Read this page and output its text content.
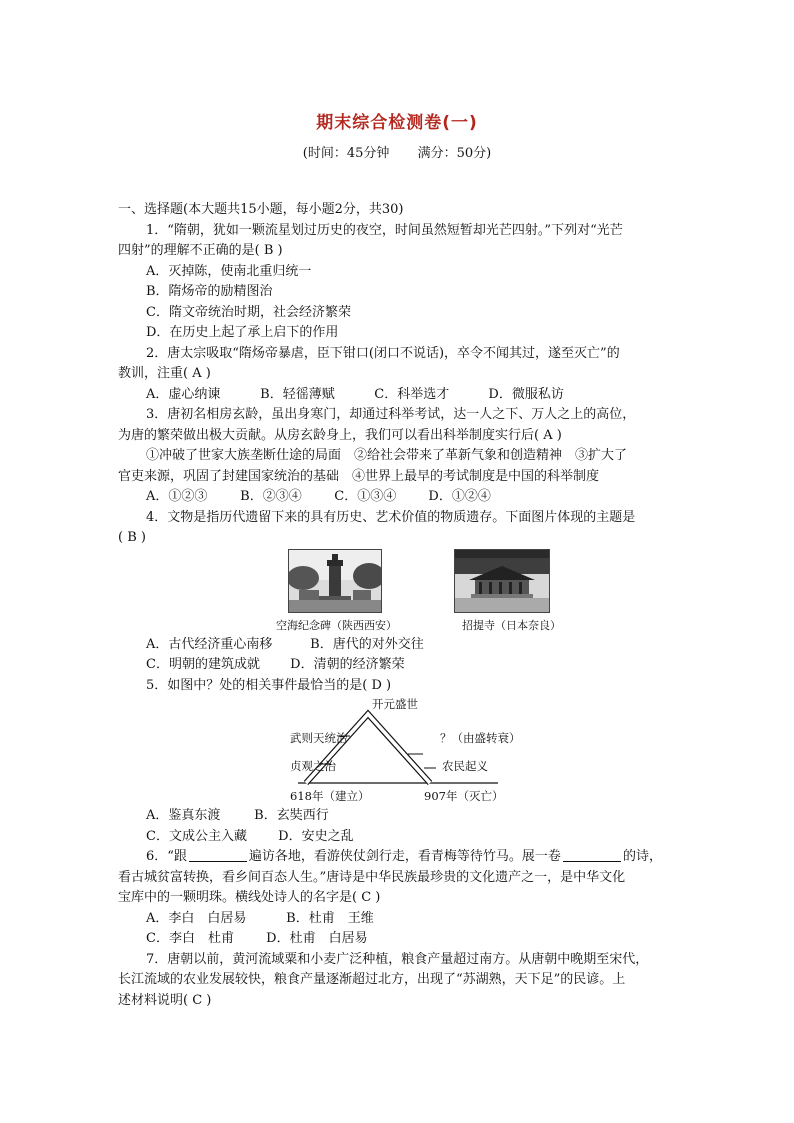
期末综合检测卷(一)
(时间：45分钟 满分：50分)
一、选择题(本大题共15小题，每小题2分，共30)
1．“隋朝，犹如一颗流星划过历史的夜空，时间虽然短暂却光芒四射。”下列对“光芒
四射”的理解不正确的是( B )
A．灭掉陈，使南北重归统一
B．隋炀帝的励精图治
C．隋文帝统治时期，社会经济繁荣
D．在历史上起了承上启下的作用
2．唐太宗吸取“隋炀帝暴虐，臣下钳口(闭口不说话)，卒令不闻其过，遂至灭亡”的
教训，注重( A )
A．虚心纳谏	B．轻徭薄赋	C．科举选才	D．微服私访
3．唐初名相房玄龄，虽出身寒门，却通过科举考试，达一人之下、万人之上的高位，
为唐的繁荣做出极大贡献。从房玄龄身上，我们可以看出科举制度实行后( A )
①冲破了世家大族垄断仕途的局面　②给社会带来了革新气象和创造精神　③扩大了
官吏来源，巩固了封建国家统治的基础　④世界上最早的考试制度是中国的科举制度
A．①②③	B．②③④	C．①③④ D．①②④
4．文物是指历代遗留下来的具有历史、艺术价值的物质遗存。下面图片体现的主题是
( B )
空海纪念碑（陕西西安）	招提寺（日本奈良）
A．古代经济重心南移	B．唐代的对外交往
C．明朝的建筑成就 D．清朝的经济繁荣
5．如图中？处的相关事件最恰当的是( D )
开元盛世
武则天统治
贞观之治
？（由盛转衰）
农民起义
618年（建立）	907年（灭亡）
A．鉴真东渡	B．玄奘西行
C．文成公主入藏 D．安史之乱
6．“跟	遍访各地，看游侠仗剑行走，看青梅等待竹马。展一卷	的诗，
看古城贫富转换，看乡间百态人生。”唐诗是中华民族最珍贵的文化遗产之一，是中华文化
宝库中的一颗明珠。横线处诗人的名字是( C )
A．李白　白居易	B．杜甫　王维
C．李白　杜甫 D．杜甫　白居易
7．唐朝以前，黄河流域粟和小麦广泛种植，粮食产量超过南方。从唐朝中晚期至宋代，
长江流域的农业发展较快，粮食产量逐渐超过北方，出现了“苏湖熟，天下足”的民谚。上
述材料说明( C )
